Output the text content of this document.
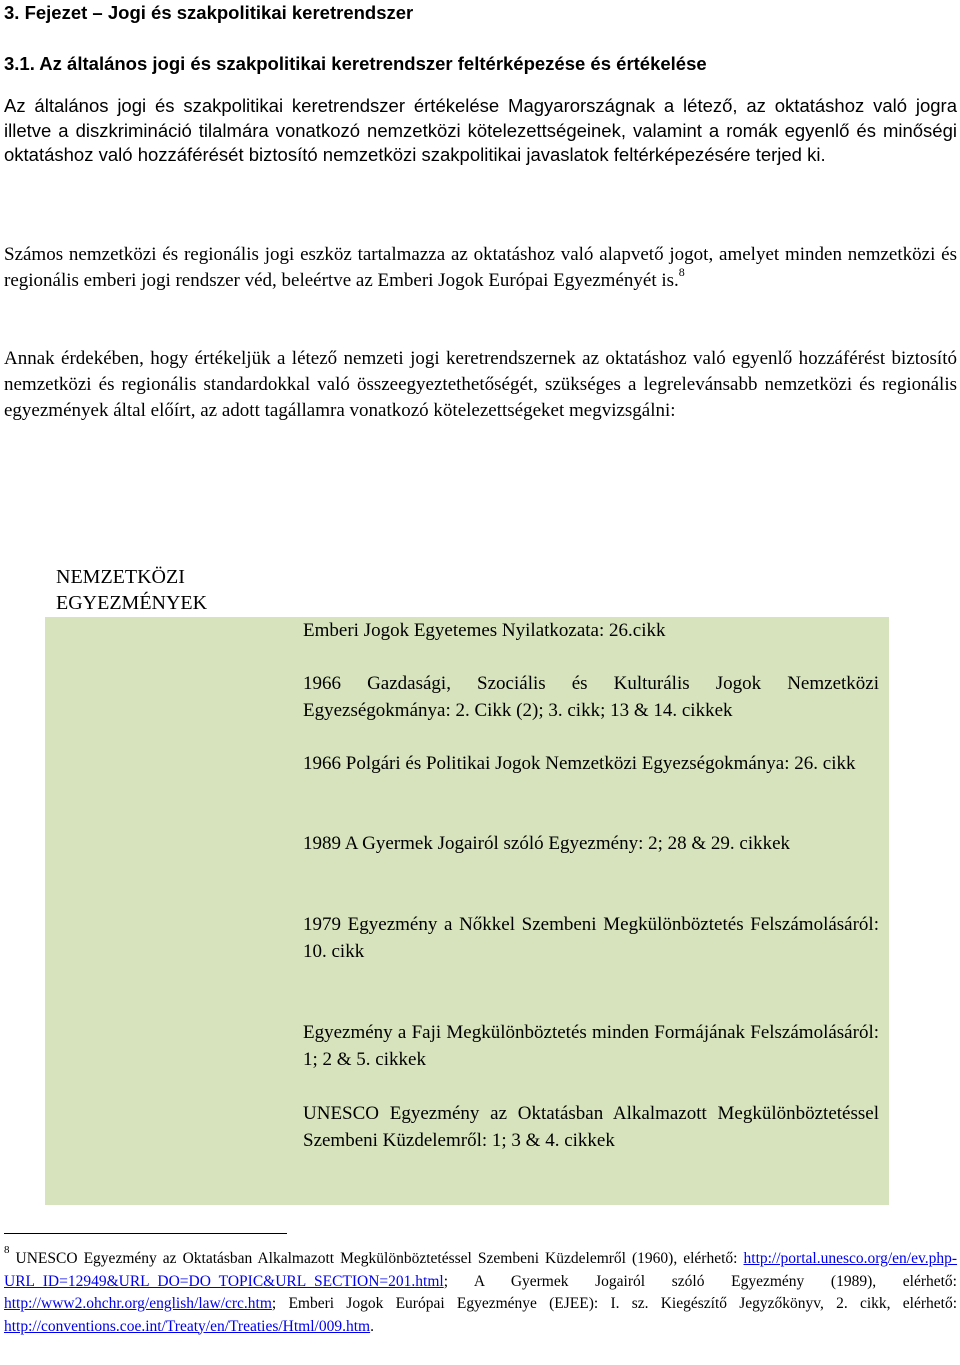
3. Fejezet – Jogi és szakpolitikai keretrendszer
3.1. Az általános jogi és szakpolitikai keretrendszer feltérképezése és értékelése

Az általános jogi és szakpolitikai keretrendszer értékelése Magyarországnak a létező, az oktatáshoz való jogra illetve a diszkrimináció tilalmára vonatkozó nemzetközi kötelezettségeinek, valamint a romák egyenlő és minőségi oktatáshoz való hozzáférését biztosító nemzetközi szakpolitikai javaslatok feltérképezésére terjed ki.

Számos nemzetközi és regionális jogi eszköz tartalmazza az oktatáshoz való alapvető jogot, amelyet minden nemzetközi és regionális emberi jogi rendszer véd, beleértve az Emberi Jogok Európai Egyezményét is.$^8$

Annak érdekében, hogy értékeljük a létező nemzeti jogi keretrendszernek az oktatáshoz való egyenlő hozzáférést biztosító nemzetközi és regionális standardokkal való összeegyeztethetőségét, szükséges a legrelevánsabb nemzetközi és regionális egyezmények által előírt, az adott tagállamra vonatkozó kötelezettségeket megvizsgálni:

NEMZETKÖZI
EGYEZMÉNYEK
Emberi Jogok Egyetemes Nyilatkozata: 26.cikk
1966 Gazdasági, Szociális és Kulturális Jogok Nemzetközi Egyezségokmánya: 2. Cikk (2); 3. cikk; 13 & 14. cikkek
1966 Polgári és Politikai Jogok Nemzetközi Egyezségokmánya: 26. cikk
1989 A Gyermek Jogairól szóló Egyezmény: 2; 28 & 29. cikkek
1979 Egyezmény a Nőkkel Szembeni Megkülönböztetés Felszámolásáról: 10. cikk
Egyezmény a Faji Megkülönböztetés minden Formájának Felszámolásáról: 1; 2 & 5. cikkek
UNESCO Egyezmény az Oktatásban Alkalmazott Megkülönböztetéssel Szembeni Küzdelemről: 1; 3 & 4. cikkek

$^8$ UNESCO Egyezmény az Oktatásban Alkalmazott Megkülönböztetéssel Szembeni Küzdelemről (1960), elérhető: http://portal.unesco.org/en/ev.php-URL_ID=12949&URL_DO=DO_TOPIC&URL_SECTION=201.html; A Gyermek Jogairól szóló Egyezmény (1989), elérhető: http://www2.ohchr.org/english/law/crc.htm; Emberi Jogok Európai Egyezménye (EJEE): I. sz. Kiegészítő Jegyzőkönyv, 2. cikk, elérhető: http://conventions.coe.int/Treaty/en/Treaties/Html/009.htm.
